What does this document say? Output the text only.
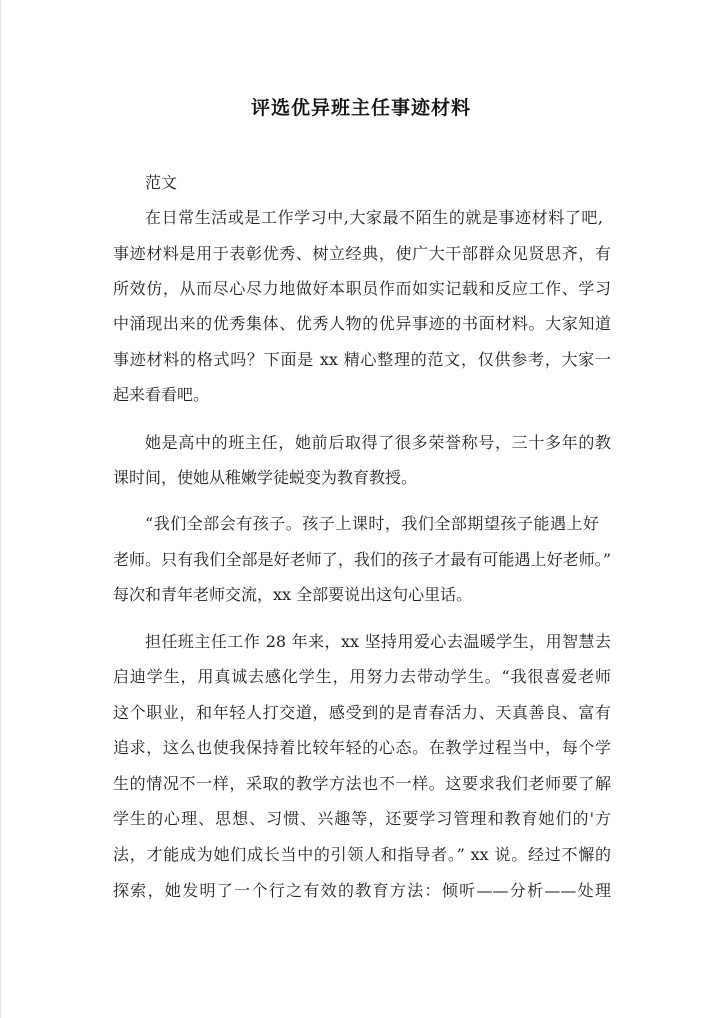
评选优异班主任事迹材料
范文
在日常生活或是工作学习中,大家最不陌生的就是事迹材料了吧,
事迹材料是用于表彰优秀、树立经典，使广大干部群众见贤思齐，有
所效仿，从而尽心尽力地做好本职员作而如实记载和反应工作、学习
中涌现出来的优秀集体、优秀人物的优异事迹的书面材料。大家知道
事迹材料的格式吗？下面是 xx 精心整理的范文，仅供参考，大家一
起来看看吧。
她是高中的班主任，她前后取得了很多荣誉称号，三十多年的教
课时间，使她从稚嫩学徒蜕变为教育教授。
“我们全部会有孩子。孩子上课时，我们全部期望孩子能遇上好
老师。只有我们全部是好老师了，我们的孩子才最有可能遇上好老师。”
每次和青年老师交流，xx 全部要说出这句心里话。
担任班主任工作 28 年来，xx 坚持用爱心去温暖学生，用智慧去
启迪学生，用真诚去感化学生，用努力去带动学生。“我很喜爱老师
这个职业，和年轻人打交道，感受到的是青春活力、天真善良、富有
追求，这么也使我保持着比较年轻的心态。在教学过程当中，每个学
生的情况不一样，采取的教学方法也不一样。这要求我们老师要了解
学生的心理、思想、习惯、兴趣等，还要学习管理和教育她们的'方
法，才能成为她们成长当中的引领人和指导者。” xx 说。经过不懈的
探索，她发明了一个行之有效的教育方法：倾听——分析——处理
